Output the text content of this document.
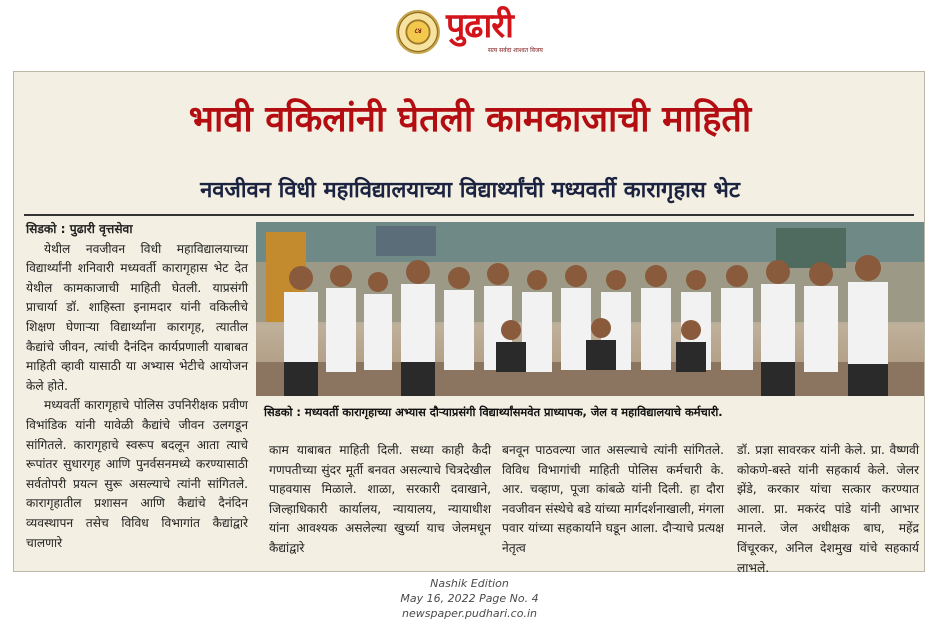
८४ पुढारी
सत्य सर्वदा शाश्वत विजय
भावी वकिलांनी घेतली कामकाजाची माहिती
नवजीवन विधी महाविद्यालयाच्या विद्यार्थ्यांची मध्यवर्ती कारागृहास भेट

सिडको : पुढारी वृत्तसेवा

येथील नवजीवन विधी महाविद्यालयाच्या विद्यार्थ्यांनी शनिवारी मध्यवर्ती कारागृहास भेट देत येथील कामकाजाची माहिती घेतली. याप्रसंगी प्राचार्या डॉ. शाहिस्ता इनामदार यांनी वकिलीचे शिक्षण घेणाऱ्या विद्यार्थ्यांना कारागृह, त्यातील कैद्यांचे जीवन, त्यांची दैनंदिन कार्यप्रणाली याबाबत माहिती व्हावी यासाठी या अभ्यास भेटीचे आयोजन केले होते.

मध्यवर्ती कारागृहाचे पोलिस उपनिरीक्षक प्रवीण विभांडिक यांनी यावेळी कैद्यांचे जीवन उलगडून सांगितले. कारागृहाचे स्वरूप बदलून आता त्याचे रूपांतर सुधारगृह आणि पुनर्वसनमध्ये करण्यासाठी सर्वतोपरी प्रयत्न सुरू असल्याचे त्यांनी सांगितले. कारागृहातील प्रशासन आणि कैद्यांचे दैनंदिन व्यवस्थापन तसेच विविध विभागांत कैद्यांद्वारे चालणारे

सिडको : मध्यवर्ती कारागृहाच्या अभ्यास दौऱ्याप्रसंगी विद्यार्थ्यांसमवेत प्राध्यापक, जेल व महाविद्यालयाचे कर्मचारी.

काम याबाबत माहिती दिली. सध्या काही कैदी गणपतीच्या सुंदर मूर्ती बनवत असल्याचे चित्रदेखील पाहवयास मिळाले. शाळा, सरकारी दवाखाने, जिल्हाधिकारी कार्यालय, न्यायालय, न्यायाधीश यांना आवश्यक असलेल्या खुर्च्या याच जेलमधून कैद्यांद्वारे

बनवून पाठवल्या जात असल्याचे त्यांनी सांगितले. विविध विभागांची माहिती पोलिस कर्मचारी के. आर. चव्हाण, पूजा कांबळे यांनी दिली. हा दौरा नवजीवन संस्थेचे बडे यांच्या मार्गदर्शनाखाली, मंगला पवार यांच्या सहकार्याने घडून आला. दौऱ्याचे प्रत्यक्ष नेतृत्व

डॉ. प्रज्ञा सावरकर यांनी केले. प्रा. वैष्णवी कोकणे-बस्ते यांनी सहकार्य केले. जेलर झेंडे, करकार यांचा सत्कार करण्यात आला. प्रा. मकरंद पांडे यांनी आभार मानले. जेल अधीक्षक बाघ, महेंद्र विंचूरकर, अनिल देशमुख यांचे सहकार्य लाभले.

Nashik Edition
May 16, 2022 Page No. 4
newspaper.pudhari.co.in
